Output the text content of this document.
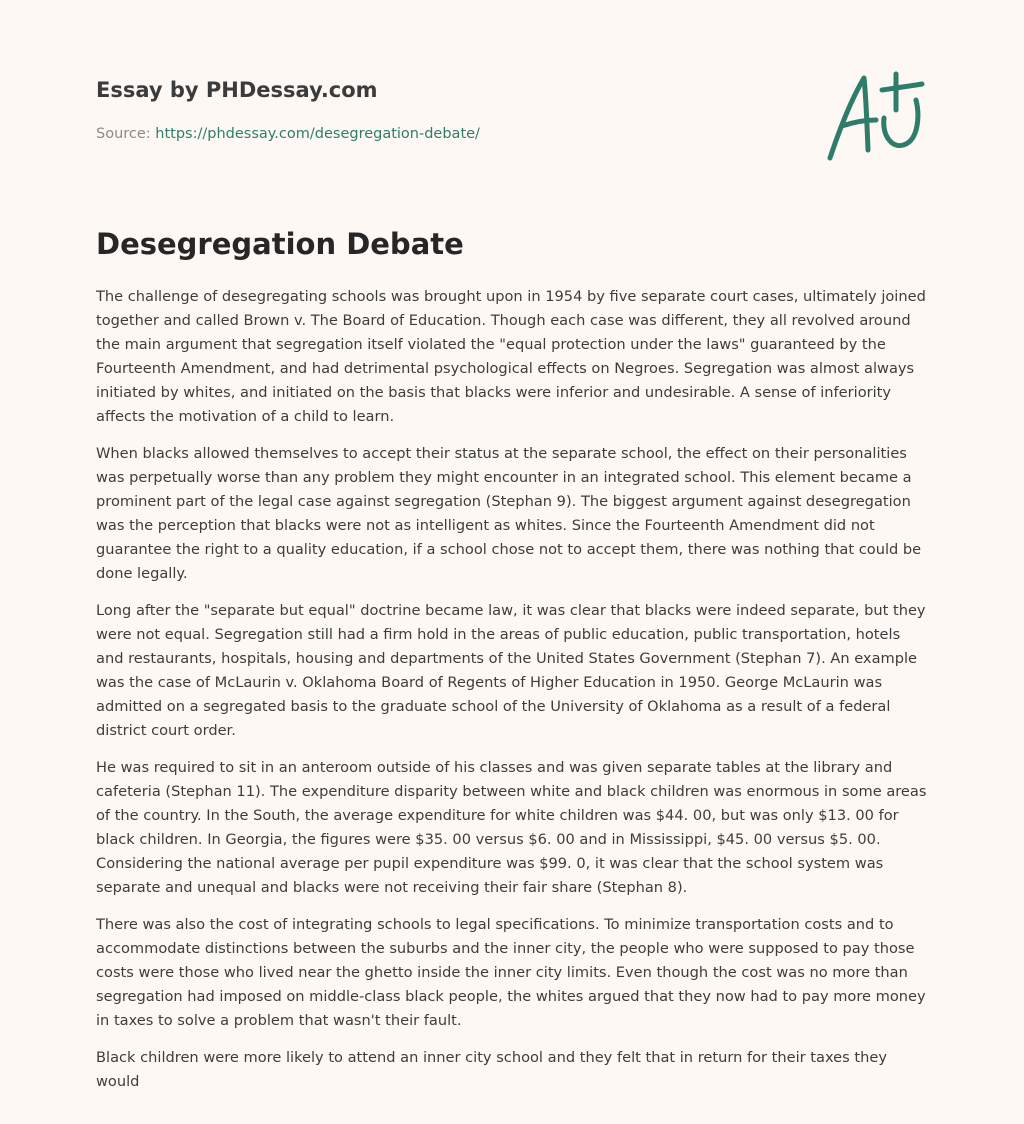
Essay by PHDessay.com
Source: https://phdessay.com/desegregation-debate/
Desegregation Debate

The challenge of desegregating schools was brought upon in 1954 by five separate court cases, ultimately joined together and called Brown v. The Board of Education. Though each case was different, they all revolved around the main argument that segregation itself violated the "equal protection under the laws" guaranteed by the Fourteenth Amendment, and had detrimental psychological effects on Negroes. Segregation was almost always initiated by whites, and initiated on the basis that blacks were inferior and undesirable. A sense of inferiority affects the motivation of a child to learn.

When blacks allowed themselves to accept their status at the separate school, the effect on their personalities was perpetually worse than any problem they might encounter in an integrated school. This element became a prominent part of the legal case against segregation (Stephan 9). The biggest argument against desegregation was the perception that blacks were not as intelligent as whites. Since the Fourteenth Amendment did not guarantee the right to a quality education, if a school chose not to accept them, there was nothing that could be done legally.

Long after the "separate but equal" doctrine became law, it was clear that blacks were indeed separate, but they were not equal. Segregation still had a firm hold in the areas of public education, public transportation, hotels and restaurants, hospitals, housing and departments of the United States Government (Stephan 7). An example was the case of McLaurin v. Oklahoma Board of Regents of Higher Education in 1950. George McLaurin was admitted on a segregated basis to the graduate school of the University of Oklahoma as a result of a federal district court order.

He was required to sit in an anteroom outside of his classes and was given separate tables at the library and cafeteria (Stephan 11). The expenditure disparity between white and black children was enormous in some areas of the country. In the South, the average expenditure for white children was $44. 00, but was only $13. 00 for black children. In Georgia, the figures were $35. 00 versus $6. 00 and in Mississippi, $45. 00 versus $5. 00. Considering the national average per pupil expenditure was $99. 0, it was clear that the school system was separate and unequal and blacks were not receiving their fair share (Stephan 8).

There was also the cost of integrating schools to legal specifications. To minimize transportation costs and to accommodate distinctions between the suburbs and the inner city, the people who were supposed to pay those costs were those who lived near the ghetto inside the inner city limits. Even though the cost was no more than segregation had imposed on middle-class black people, the whites argued that they now had to pay more money in taxes to solve a problem that wasn't their fault.

Black children were more likely to attend an inner city school and they felt that in return for their taxes they would
